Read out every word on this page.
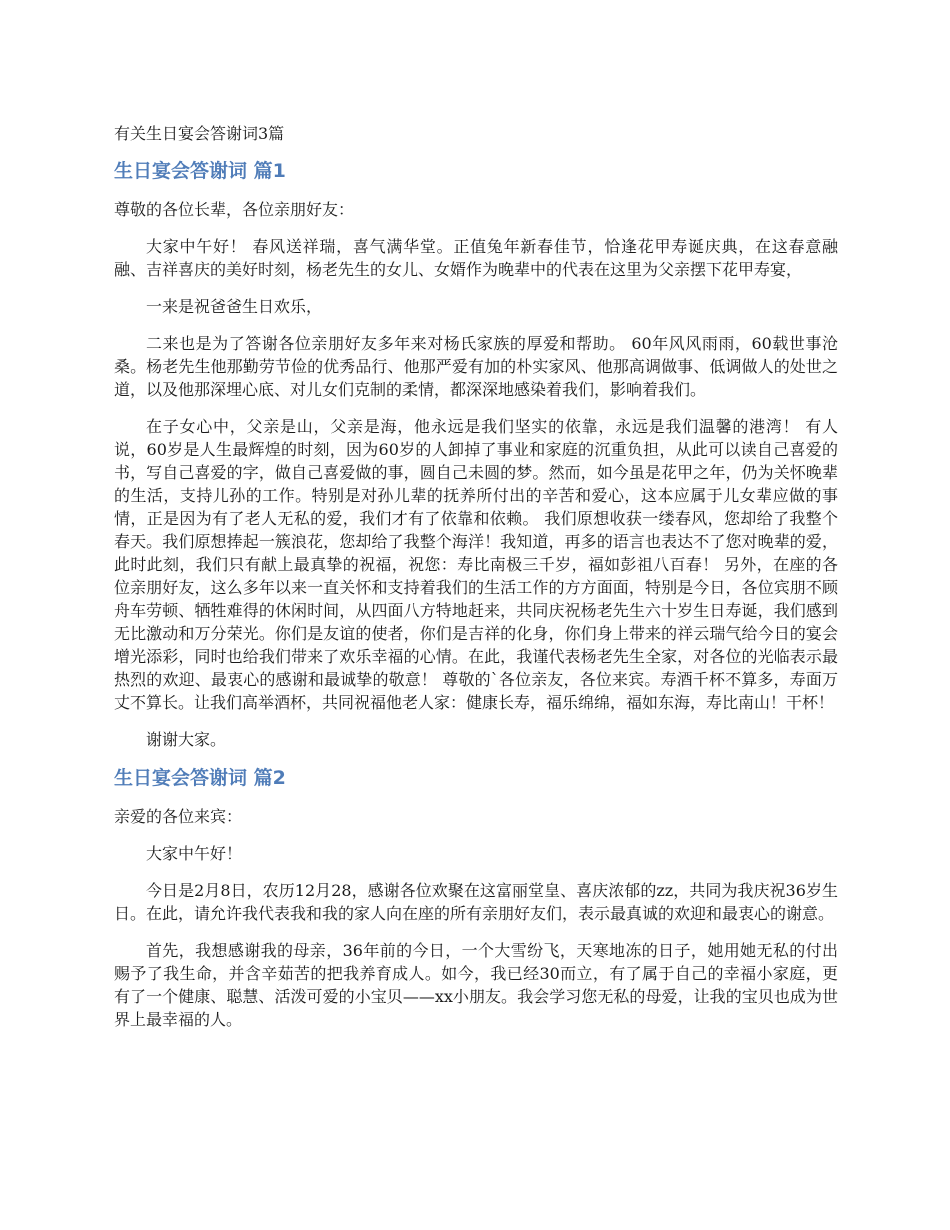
有关生日宴会答谢词3篇
生日宴会答谢词 篇1

尊敬的各位长辈，各位亲朋好友：

大家中午好！ 春风送祥瑞，喜气满华堂。正值兔年新春佳节，恰逢花甲寿诞庆典，在这春意融融、吉祥喜庆的美好时刻，杨老先生的女儿、女婿作为晚辈中的代表在这里为父亲摆下花甲寿宴，

一来是祝爸爸生日欢乐，

二来也是为了答谢各位亲朋好友多年来对杨氏家族的厚爱和帮助。 60年风风雨雨，60载世事沧桑。杨老先生他那勤劳节俭的优秀品行、他那严爱有加的朴实家风、他那高调做事、低调做人的处世之道，以及他那深埋心底、对儿女们克制的柔情，都深深地感染着我们，影响着我们。

在子女心中，父亲是山，父亲是海，他永远是我们坚实的依靠，永远是我们温馨的港湾！ 有人说，60岁是人生最辉煌的时刻，因为60岁的人卸掉了事业和家庭的沉重负担，从此可以读自己喜爱的书，写自己喜爱的字，做自己喜爱做的事，圆自己未圆的梦。然而，如今虽是花甲之年，仍为关怀晚辈的生活，支持儿孙的工作。特别是对孙儿辈的抚养所付出的辛苦和爱心，这本应属于儿女辈应做的事情，正是因为有了老人无私的爱，我们才有了依靠和依赖。 我们原想收获一缕春风，您却给了我整个春天。我们原想捧起一簇浪花，您却给了我整个海洋！我知道，再多的语言也表达不了您对晚辈的爱，此时此刻，我们只有献上最真挚的祝福，祝您：寿比南极三千岁，福如彭祖八百春！ 另外，在座的各位亲朋好友，这么多年以来一直关怀和支持着我们的生活工作的方方面面，特别是今日，各位宾朋不顾舟车劳顿、牺牲难得的休闲时间，从四面八方特地赶来，共同庆祝杨老先生六十岁生日寿诞，我们感到无比激动和万分荣光。你们是友谊的使者，你们是吉祥的化身，你们身上带来的祥云瑞气给今日的宴会增光添彩，同时也给我们带来了欢乐幸福的心情。在此，我谨代表杨老先生全家，对各位的光临表示最热烈的欢迎、最衷心的感谢和最诚挚的敬意！ 尊敬的`各位亲友，各位来宾。寿酒千杯不算多，寿面万丈不算长。让我们高举酒杯，共同祝福他老人家：健康长寿，福乐绵绵，福如东海，寿比南山！干杯！

谢谢大家。

生日宴会答谢词 篇2

亲爱的各位来宾：

大家中午好！

今日是2月8日，农历12月28，感谢各位欢聚在这富丽堂皇、喜庆浓郁的zz，共同为我庆祝36岁生日。在此，请允许我代表我和我的家人向在座的所有亲朋好友们，表示最真诚的欢迎和最衷心的谢意。

首先，我想感谢我的母亲，36年前的今日，一个大雪纷飞，天寒地冻的日子，她用她无私的付出赐予了我生命，并含辛茹苦的把我养育成人。如今，我已经30而立，有了属于自己的幸福小家庭，更有了一个健康、聪慧、活泼可爱的小宝贝——xx小朋友。我会学习您无私的母爱，让我的宝贝也成为世界上最幸福的人。
